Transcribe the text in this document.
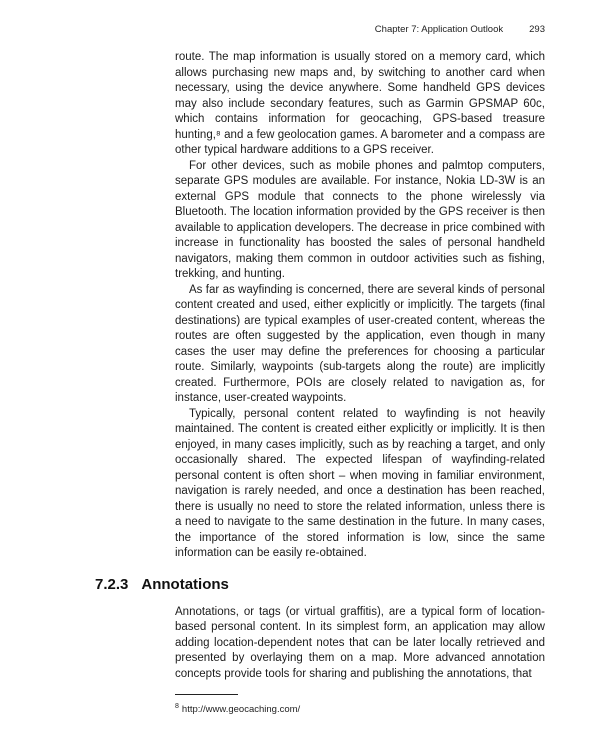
Chapter 7: Application Outlook	293

route. The map information is usually stored on a memory card, which allows purchasing new maps and, by switching to another card when necessary, using the device anywhere. Some handheld GPS devices may also include secondary features, such as Garmin GPSMAP 60c, which contains information for geocaching, GPS-based treasure hunting,⁸ and a few geolocation games. A barometer and a compass are other typical hardware additions to a GPS receiver.

For other devices, such as mobile phones and palmtop computers, separate GPS modules are available. For instance, Nokia LD-3W is an external GPS module that connects to the phone wirelessly via Bluetooth. The location information provided by the GPS receiver is then available to application developers. The decrease in price combined with increase in functionality has boosted the sales of personal handheld navigators, making them common in outdoor activities such as fishing, trekking, and hunting.

As far as wayfinding is concerned, there are several kinds of personal content created and used, either explicitly or implicitly. The targets (final destinations) are typical examples of user-created content, whereas the routes are often suggested by the application, even though in many cases the user may define the preferences for choosing a particular route. Similarly, waypoints (sub-targets along the route) are implicitly created. Furthermore, POIs are closely related to navigation as, for instance, user-created waypoints.

Typically, personal content related to wayfinding is not heavily maintained. The content is created either explicitly or implicitly. It is then enjoyed, in many cases implicitly, such as by reaching a target, and only occasionally shared. The expected lifespan of wayfinding-related personal content is often short – when moving in familiar environment, navigation is rarely needed, and once a destination has been reached, there is usually no need to store the related information, unless there is a need to navigate to the same destination in the future. In many cases, the importance of the stored information is low, since the same information can be easily re-obtained.

7.2.3 Annotations

Annotations, or tags (or virtual graffitis), are a typical form of location-based personal content. In its simplest form, an application may allow adding location-dependent notes that can be later locally retrieved and presented by overlaying them on a map. More advanced annotation concepts provide tools for sharing and publishing the annotations, that

$^8$ http://www.geocaching.com/
